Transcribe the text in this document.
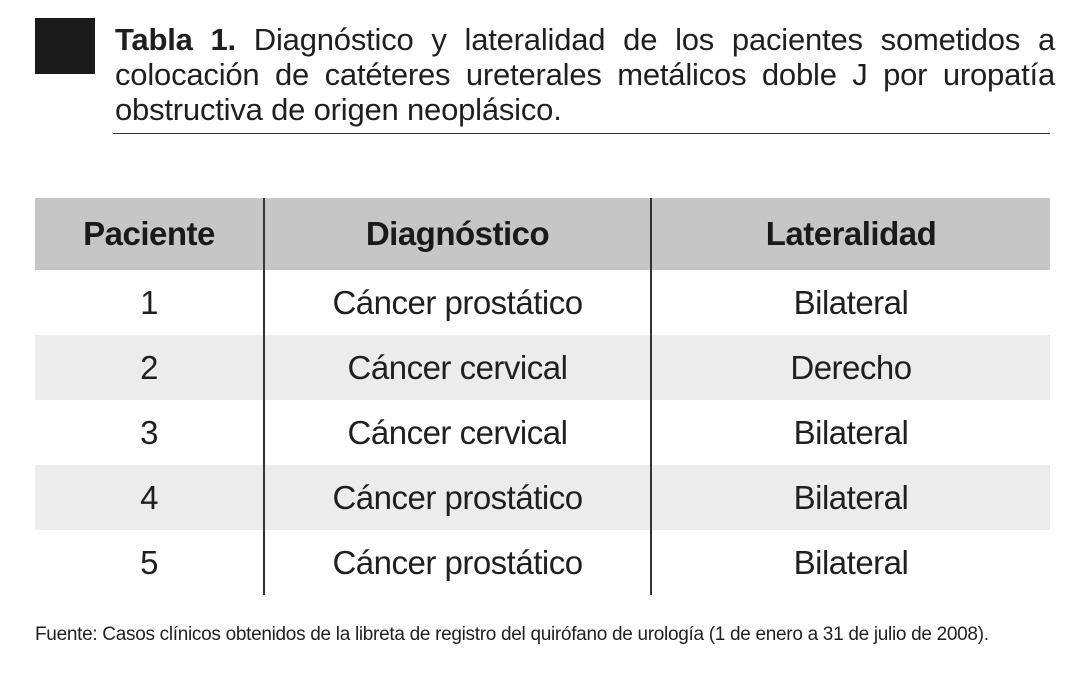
Tabla 1. Diagnóstico y lateralidad de los pacientes sometidos a colocación de catéteres ureterales metálicos doble J por uropatía obstructiva de origen neoplásico.
Paciente	Diagnóstico	Lateralidad
1	Cáncer prostático	Bilateral
2	Cáncer cervical	Derecho
3	Cáncer cervical	Bilateral
4	Cáncer prostático	Bilateral
5	Cáncer prostático	Bilateral
Fuente: Casos clínicos obtenidos de la libreta de registro del quirófano de urología (1 de enero a 31 de julio de 2008).
